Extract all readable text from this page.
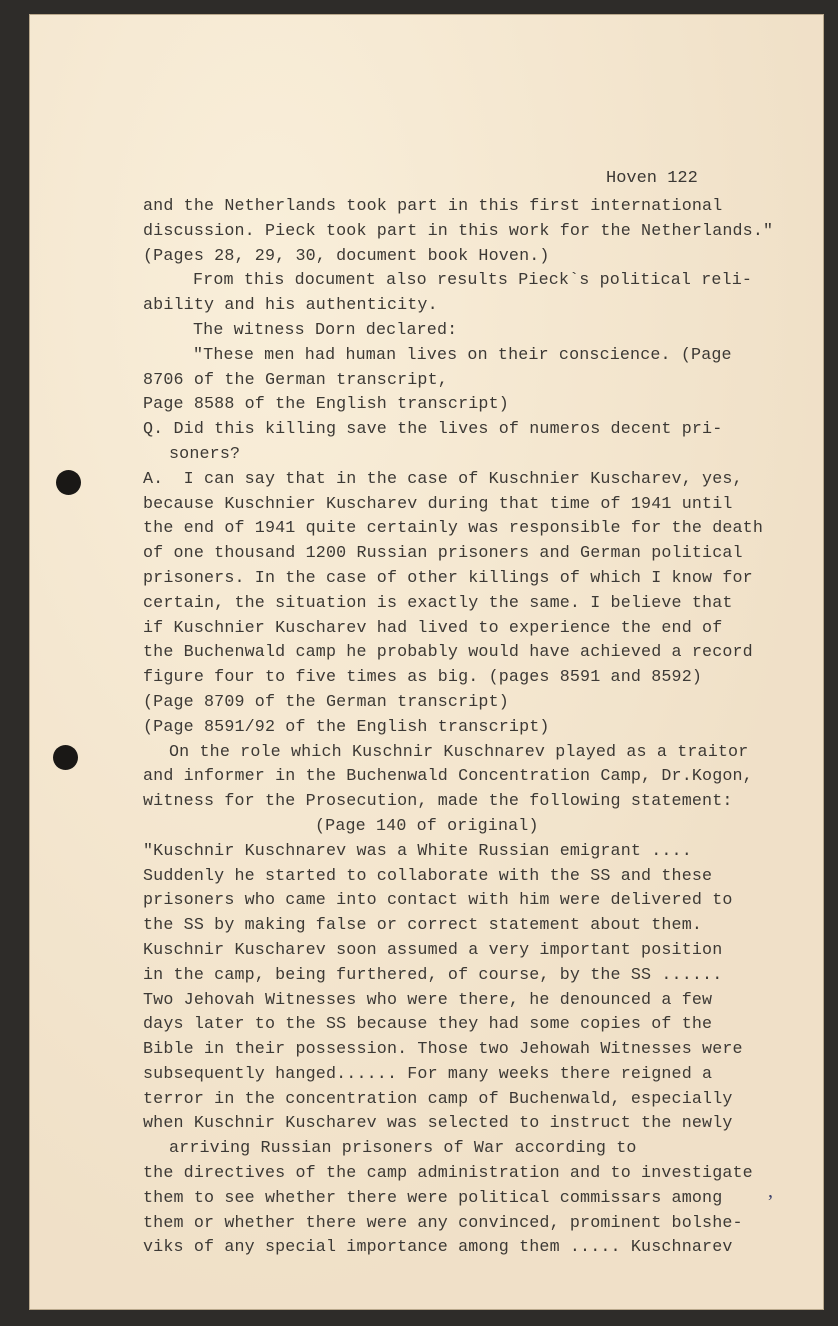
Hoven 122
and the Netherlands took part in this first international
discussion. Pieck took part in this work for the Netherlands."
(Pages 28, 29, 30, document book Hoven.)
From this document also results Pieck`s political reli-
ability and his authenticity.
The witness Dorn declared:
"These men had human lives on their conscience. (Page
8706 of the German transcript,
Page 8588 of the English transcript)
Q. Did this killing save the lives of numeros decent pri-
soners?
A.  I can say that in the case of Kuschnier Kuscharev, yes,
because Kuschnier Kuscharev during that time of 1941 until
the end of 1941 quite certainly was responsible for the death
of one thousand 1200 Russian prisoners and German political
prisoners. In the case of other killings of which I know for
certain, the situation is exactly the same. I believe that
if Kuschnier Kuscharev had lived to experience the end of
the Buchenwald camp he probably would have achieved a record
figure four to five times as big. (pages 8591 and 8592)
(Page 8709 of the German transcript)
(Page 8591/92 of the English transcript)
On the role which Kuschnir Kuschnarev played as a traitor
and informer in the Buchenwald Concentration Camp, Dr.Kogon,
witness for the Prosecution, made the following statement:
(Page 140 of original)
"Kuschnir Kuschnarev was a White Russian emigrant ....
Suddenly he started to collaborate with the SS and these
prisoners who came into contact with him were delivered to
the SS by making false or correct statement about them.
Kuschnir Kuscharev soon assumed a very important position
in the camp, being furthered, of course, by the SS ......
Two Jehovah Witnesses who were there, he denounced a few
days later to the SS because they had some copies of the
Bible in their possession. Those two Jehowah Witnesses were
subsequently hanged...... For many weeks there reigned a
terror in the concentration camp of Buchenwald, especially
when Kuschnir Kuscharev was selected to instruct the newly
arriving Russian prisoners of War according to
the directives of the camp administration and to investigate
them to see whether there were political commissars among
them or whether there were any convinced, prominent bolshe-
viks of any special importance among them ..... Kuschnarev
,
